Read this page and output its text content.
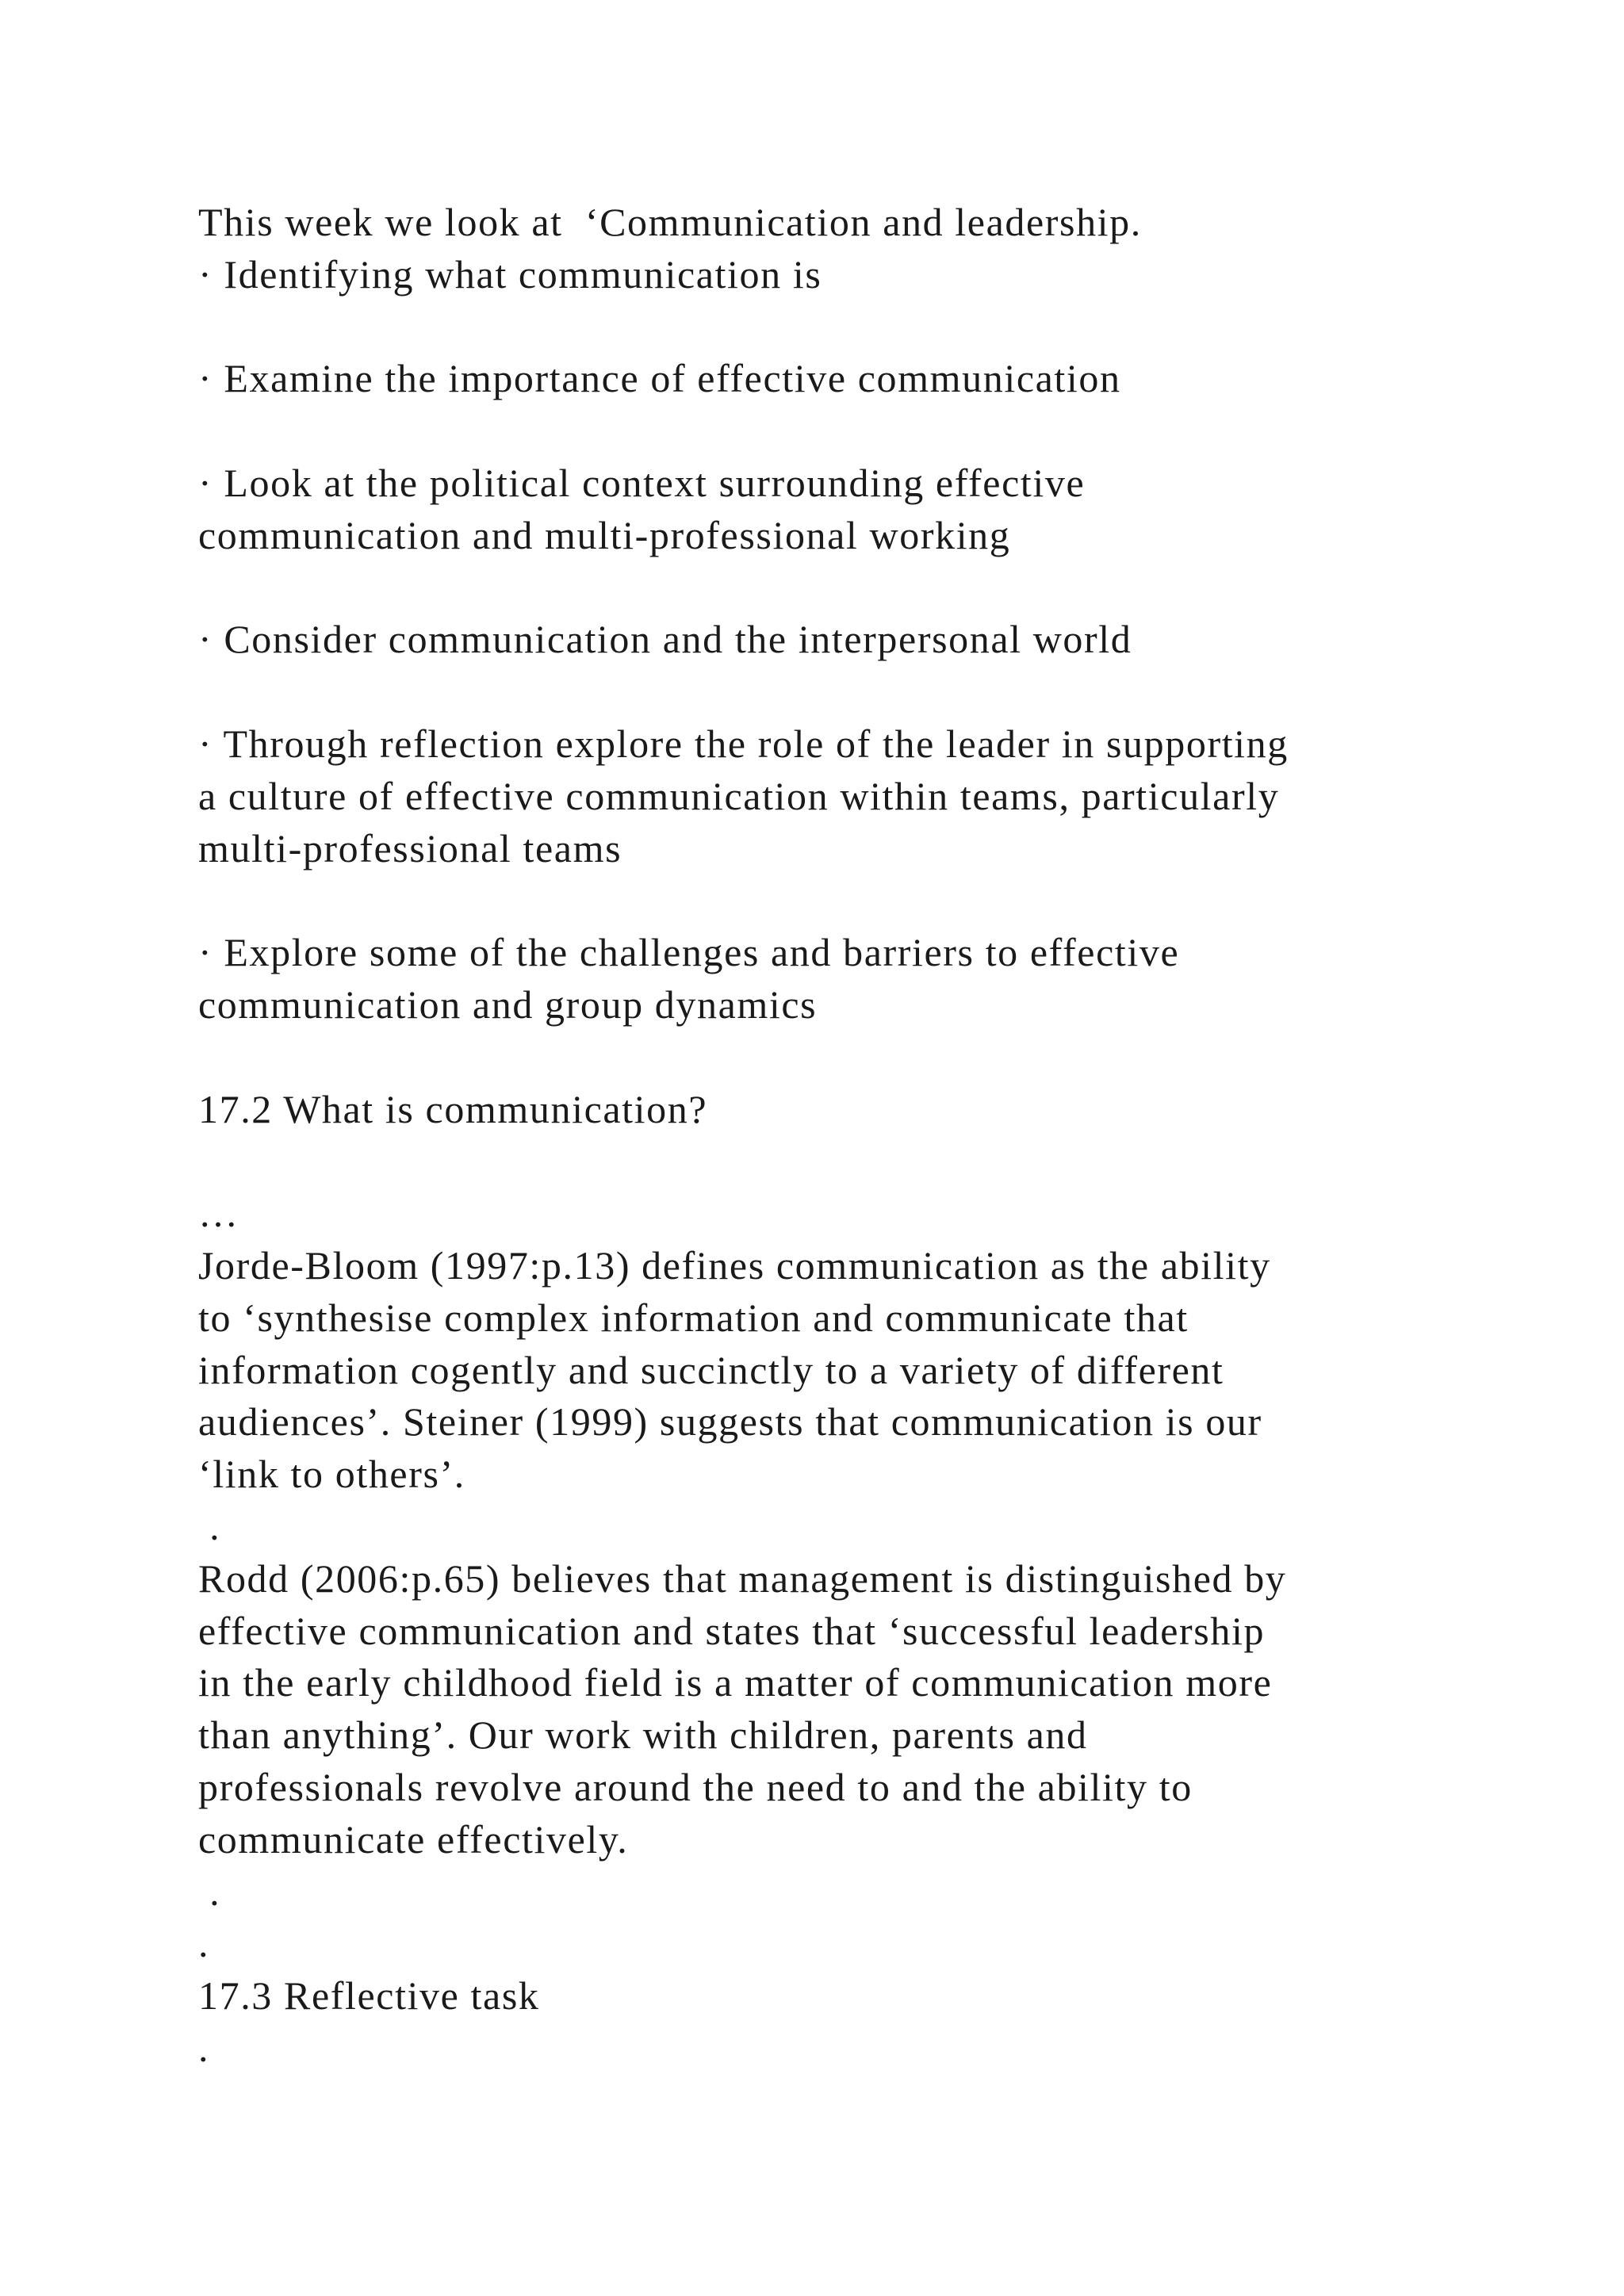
This week we look at  ‘Communication and leadership.
· Identifying what communication is
· Examine the importance of effective communication
· Look at the political context surrounding effective
communication and multi-professional working
· Consider communication and the interpersonal world
· Through reflection explore the role of the leader in supporting
a culture of effective communication within teams, particularly
multi-professional teams
· Explore some of the challenges and barriers to effective
communication and group dynamics
17.2 What is communication?
…
Jorde-Bloom (1997:p.13) defines communication as the ability
to ‘synthesise complex information and communicate that
information cogently and succinctly to a variety of different
audiences’. Steiner (1999) suggests that communication is our
‘link to others’.
.
Rodd (2006:p.65) believes that management is distinguished by
effective communication and states that ‘successful leadership
in the early childhood field is a matter of communication more
than anything’. Our work with children, parents and
professionals revolve around the need to and the ability to
communicate effectively.
.
.
17.3 Reflective task
.
